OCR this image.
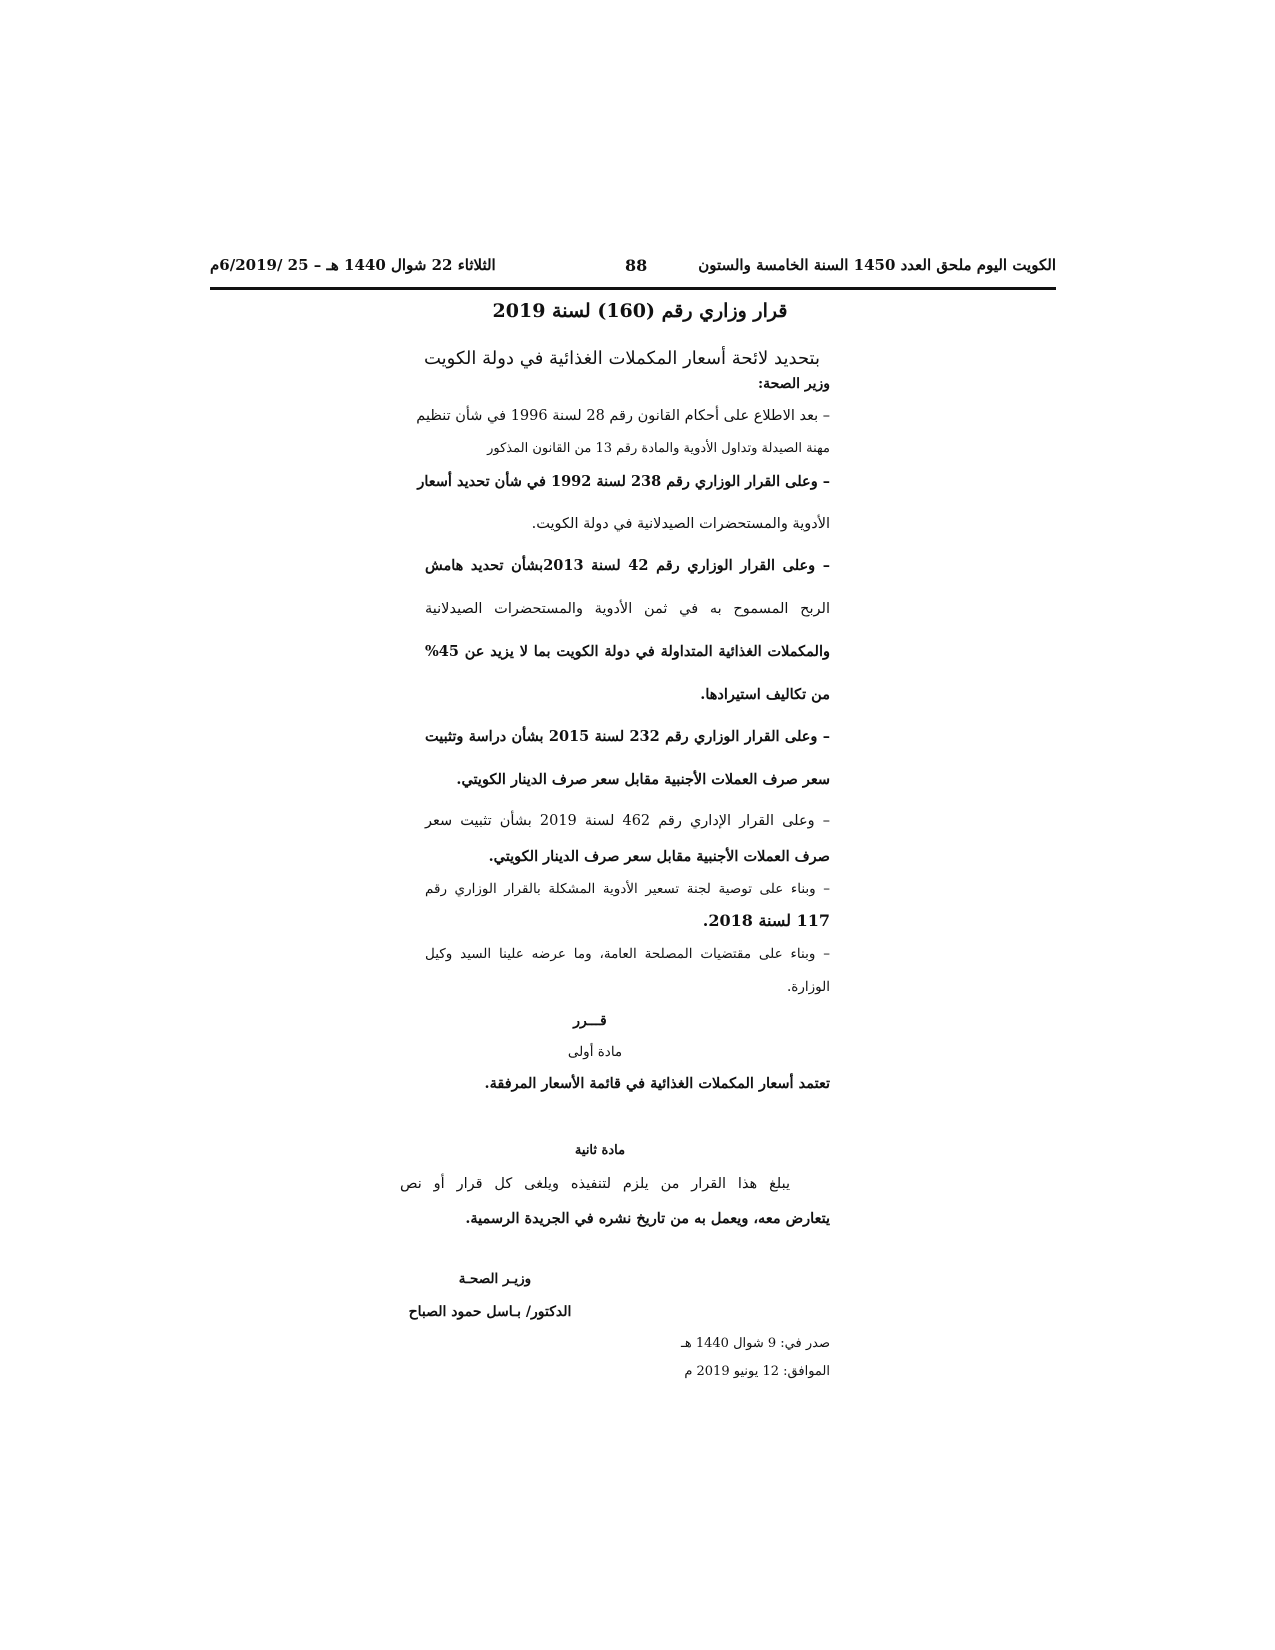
الكويت اليوم ملحق العدد 1450 السنة الخامسة والستون
88
الثلاثاء 22 شوال 1440 هـ – 25 /6/2019م
قرار وزاري رقم (160) لسنة 2019
بتحديد لائحة أسعار المكملات الغذائية في دولة الكويت
وزير الصحة:
– بعد الاطلاع على أحكام القانون رقم 28 لسنة 1996 في شأن تنظيم
مهنة الصيدلة وتداول الأدوية والمادة رقم 13 من القانون المذكور
– وعلى القرار الوزاري رقم 238 لسنة 1992 في شأن تحديد أسعار
الأدوية والمستحضرات الصيدلانية في دولة الكويت.
– وعلى القرار الوزاري رقم 42 لسنة 2013بشأن تحديد هامش
الربح المسموح به في ثمن الأدوية والمستحضرات الصيدلانية
والمكملات الغذائية المتداولة في دولة الكويت بما لا يزيد عن 45%
من تكاليف استيرادها.
– وعلى القرار الوزاري رقم 232 لسنة 2015 بشأن دراسة وتثبيت
سعر صرف العملات الأجنبية مقابل سعر صرف الدينار الكويتي.
– وعلى القرار الإداري رقم 462 لسنة 2019 بشأن تثبيت سعر
صرف العملات الأجنبية مقابل سعر صرف الدينار الكويتي.
– وبناء على توصية لجنة تسعير الأدوية المشكلة بالقرار الوزاري رقم
117 لسنة 2018.
– وبناء على مقتضيات المصلحة العامة، وما عرضه علينا السيد وكيل
الوزارة.
قـــرر
مادة أولى
تعتمد أسعار المكملات الغذائية في قائمة الأسعار المرفقة.
مادة ثانية
يبلغ هذا القرار من يلزم لتنفيذه ويلغى كل قرار أو نص
يتعارض معه، ويعمل به من تاريخ نشره في الجريدة الرسمية.
وزيـر الصحـة
الدكتور/ بـاسل حمود الصباح
صدر في: 9 شوال 1440 هـ
الموافق: 12 يونيو 2019 م
